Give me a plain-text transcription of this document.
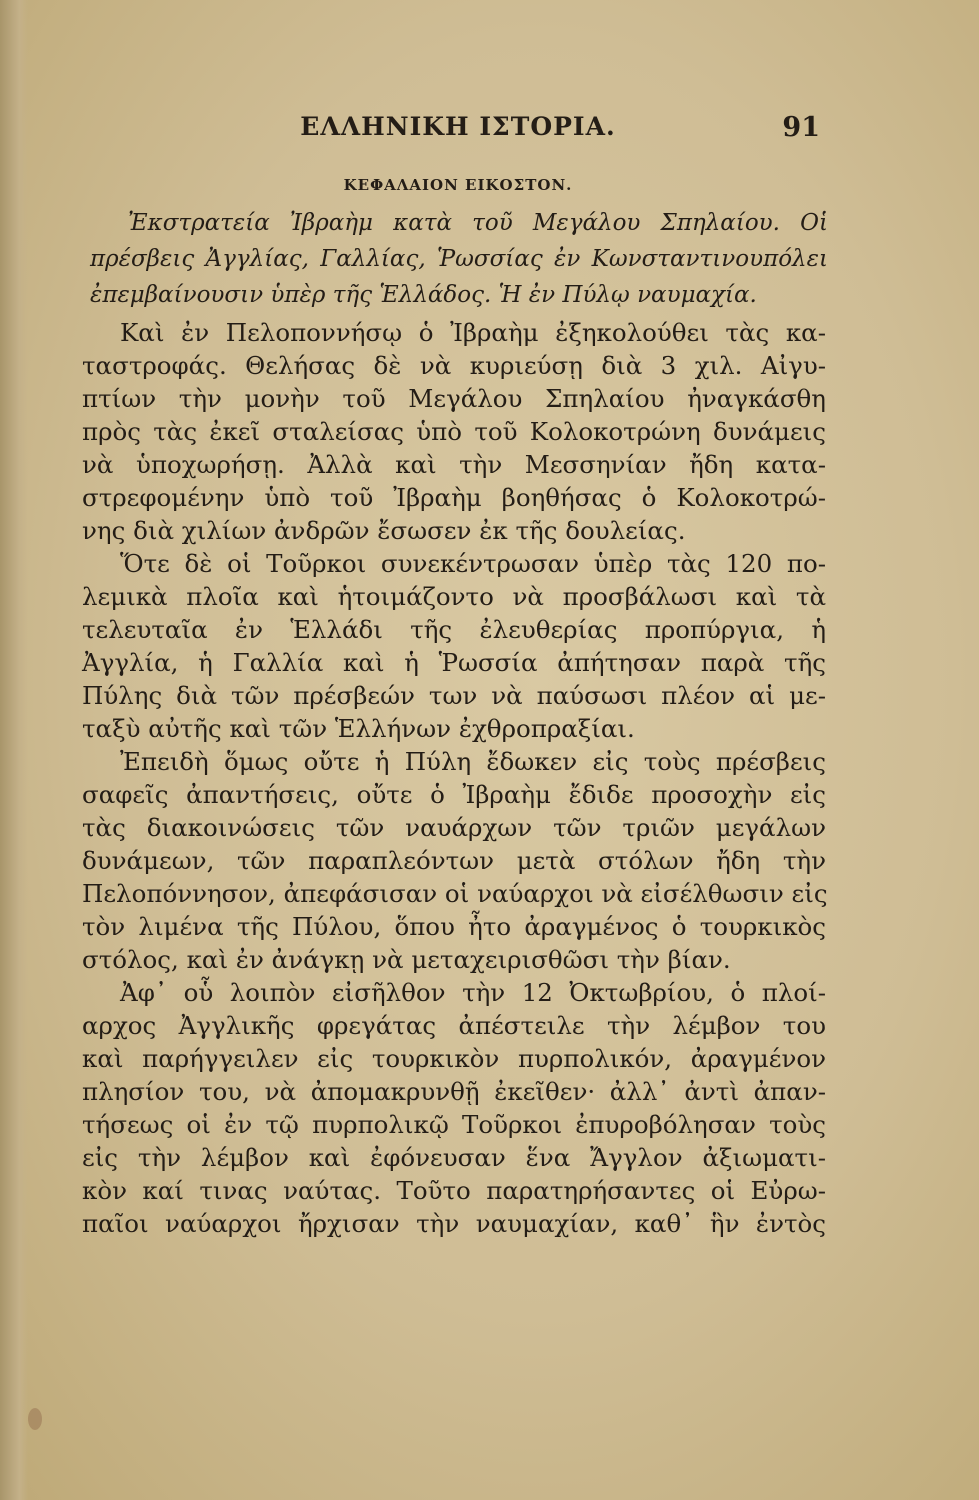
ΕΛΛΗΝΙΚΗ ΙΣΤΟΡΙΑ.	91
ΚΕΦΑΛΑΙΟΝ ΕΙΚΟΣΤΟΝ.
Ἐκστρατεία Ἰβραὴμ κατὰ τοῦ Μεγάλου Σπηλαίου. Οἱ
πρέσβεις Ἀγγλίας, Γαλλίας, Ῥωσσίας ἐν Κωνσταντινουπόλει
ἐπεμβαίνουσιν ὑπὲρ τῆς Ἑλλάδος. Ἡ ἐν Πύλῳ ναυμαχία.
Καὶ ἐν Πελοποννήσῳ ὁ Ἰβραὴμ ἐξηκολούθει τὰς κα-
ταστροφάς. Θελήσας δὲ νὰ κυριεύσῃ διὰ 3 χιλ. Αἰγυ-
πτίων τὴν μονὴν τοῦ Μεγάλου Σπηλαίου ἠναγκάσθη
πρὸς τὰς ἐκεῖ σταλείσας ὑπὸ τοῦ Κολοκοτρώνη δυνάμεις
νὰ ὑποχωρήσῃ. Ἀλλὰ καὶ τὴν Μεσσηνίαν ἤδη κατα-
στρεφομένην ὑπὸ τοῦ Ἰβραὴμ βοηθήσας ὁ Κολοκοτρώ-
νης διὰ χιλίων ἀνδρῶν ἔσωσεν ἐκ τῆς δουλείας.
Ὅτε δὲ οἱ Τοῦρκοι συνεκέντρωσαν ὑπὲρ τὰς 120 πο-
λεμικὰ πλοῖα καὶ ἡτοιμάζοντο νὰ προσβάλωσι καὶ τὰ
τελευταῖα ἐν Ἑλλάδι τῆς ἐλευθερίας προπύργια, ἡ
Ἀγγλία, ἡ Γαλλία καὶ ἡ Ῥωσσία ἀπήτησαν παρὰ τῆς
Πύλης διὰ τῶν πρέσβεών των νὰ παύσωσι πλέον αἱ με-
ταξὺ αὐτῆς καὶ τῶν Ἑλλήνων ἐχθροπραξίαι.
Ἐπειδὴ ὅμως οὔτε ἡ Πύλη ἔδωκεν εἰς τοὺς πρέσβεις
σαφεῖς ἀπαντήσεις, οὔτε ὁ Ἰβραὴμ ἔδιδε προσοχὴν εἰς
τὰς διακοινώσεις τῶν ναυάρχων τῶν τριῶν μεγάλων
δυνάμεων, τῶν παραπλεόντων μετὰ στόλων ἤδη τὴν
Πελοπόννησον, ἀπεφάσισαν οἱ ναύαρχοι νὰ εἰσέλθωσιν εἰς
τὸν λιμένα τῆς Πύλου, ὅπου ἦτο ἀραγμένος ὁ τουρκικὸς
στόλος, καὶ ἐν ἀνάγκῃ νὰ μεταχειρισθῶσι τὴν βίαν.
Ἀφ᾽ οὗ λοιπὸν εἰσῆλθον τὴν 12 Ὀκτωβρίου, ὁ πλοί-
αρχος Ἀγγλικῆς φρεγάτας ἀπέστειλε τὴν λέμβον του
καὶ παρήγγειλεν εἰς τουρκικὸν πυρπολικόν, ἀραγμένον
πλησίον του, νὰ ἀπομακρυνθῇ ἐκεῖθεν· ἀλλ᾽ ἀντὶ ἀπαν-
τήσεως οἱ ἐν τῷ πυρπολικῷ Τοῦρκοι ἐπυροβόλησαν τοὺς
εἰς τὴν λέμβον καὶ ἐφόνευσαν ἕνα Ἄγγλον ἀξιωματι-
κὸν καί τινας ναύτας. Τοῦτο παρατηρήσαντες οἱ Εὐρω-
παῖοι ναύαρχοι ἤρχισαν τὴν ναυμαχίαν, καθ᾽ ἣν ἐντὸς
